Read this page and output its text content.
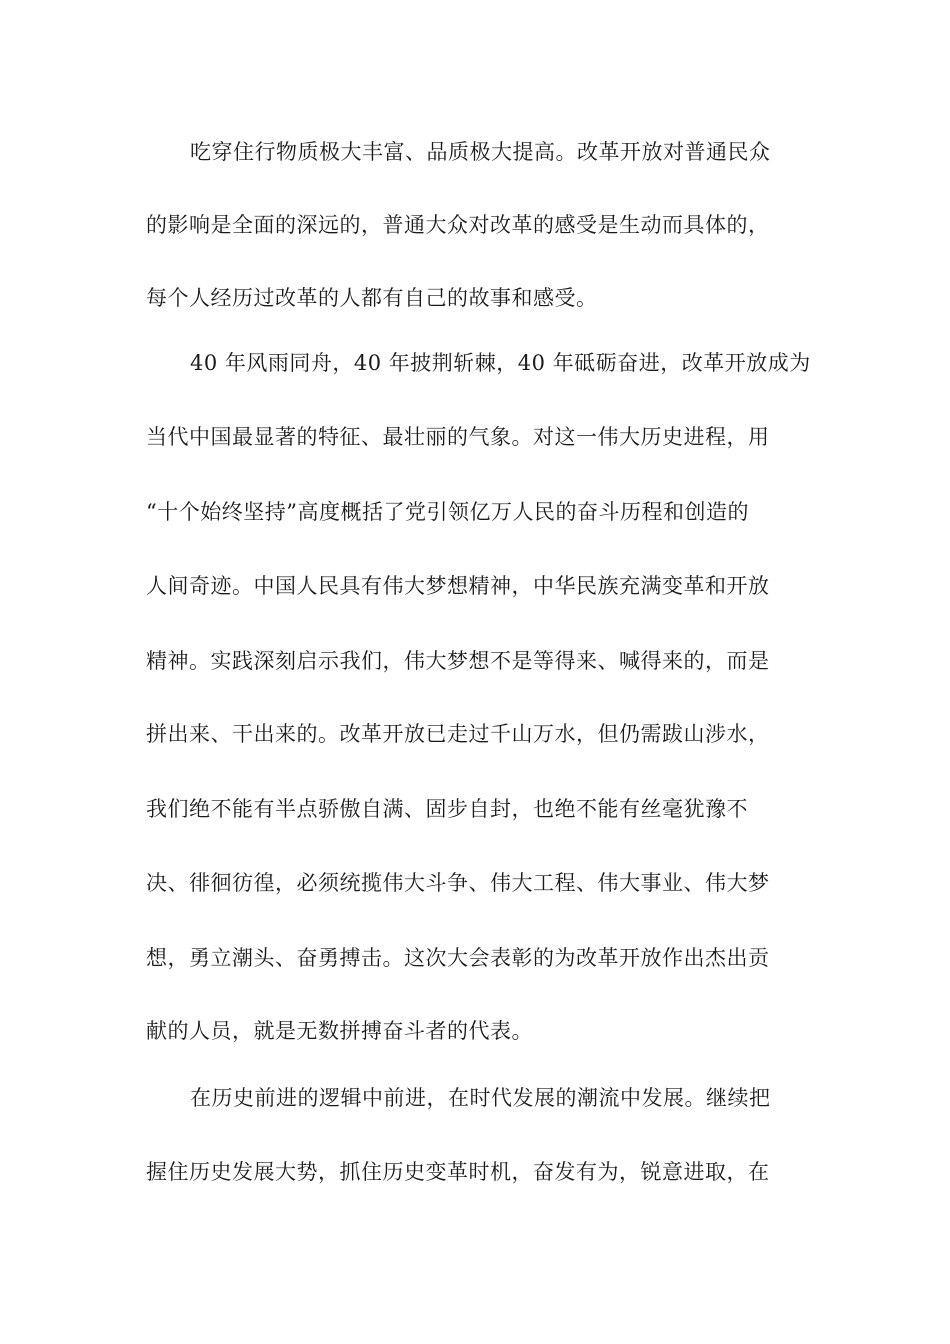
吃穿住行物质极大丰富、品质极大提高。改革开放对普通民众
的影响是全面的深远的，普通大众对改革的感受是生动而具体的，
每个人经历过改革的人都有自己的故事和感受。
40 年风雨同舟，40 年披荆斩棘，40 年砥砺奋进，改革开放成为
当代中国最显著的特征、最壮丽的气象。对这一伟大历史进程，用
“十个始终坚持”高度概括了党引领亿万人民的奋斗历程和创造的
人间奇迹。中国人民具有伟大梦想精神，中华民族充满变革和开放
精神。实践深刻启示我们，伟大梦想不是等得来、喊得来的，而是
拼出来、干出来的。改革开放已走过千山万水，但仍需跋山涉水，
我们绝不能有半点骄傲自满、固步自封，也绝不能有丝毫犹豫不
决、徘徊彷徨，必须统揽伟大斗争、伟大工程、伟大事业、伟大梦
想，勇立潮头、奋勇搏击。这次大会表彰的为改革开放作出杰出贡
献的人员，就是无数拼搏奋斗者的代表。
在历史前进的逻辑中前进，在时代发展的潮流中发展。继续把
握住历史发展大势，抓住历史变革时机，奋发有为，锐意进取，在
